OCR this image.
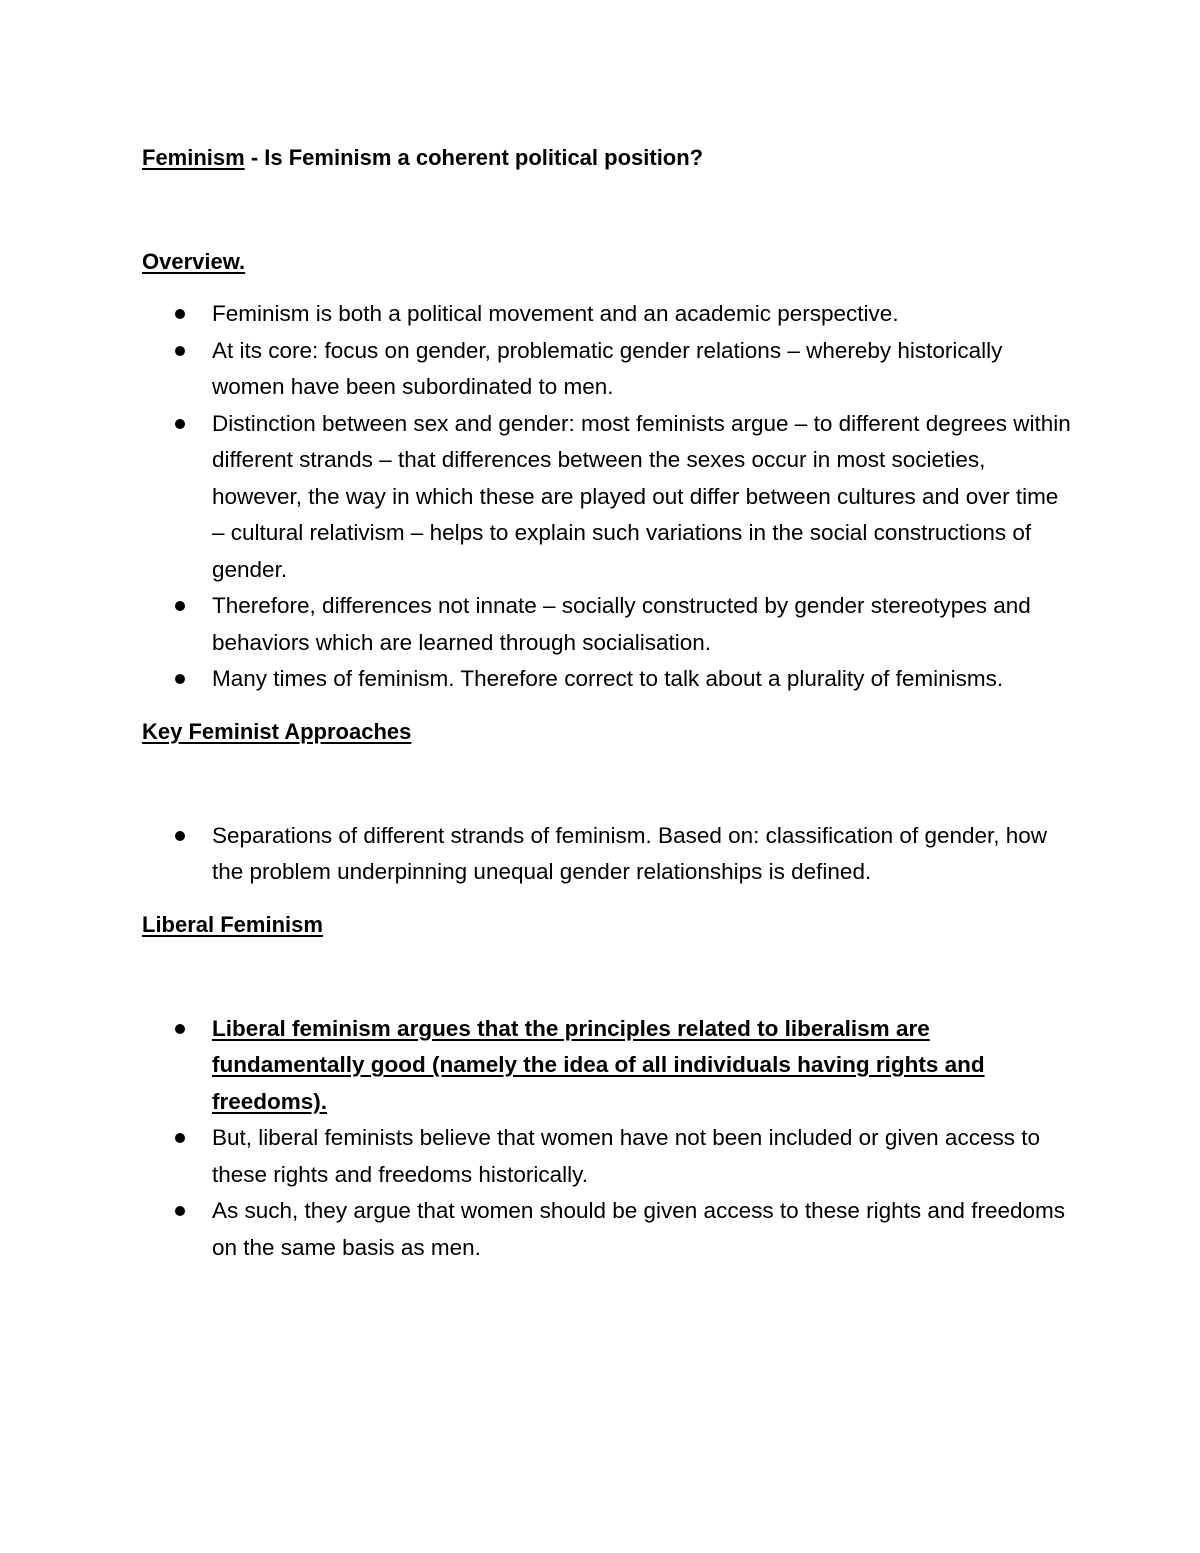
Feminism - Is Feminism a coherent political position?

Overview.

Feminism is both a political movement and an academic perspective.
At its core: focus on gender, problematic gender relations – whereby historically women have been subordinated to men.
Distinction between sex and gender: most feminists argue – to different degrees within different strands – that differences between the sexes occur in most societies, however, the way in which these are played out differ between cultures and over time – cultural relativism – helps to explain such variations in the social constructions of gender.
Therefore, differences not innate – socially constructed by gender stereotypes and behaviors which are learned through socialisation.
Many times of feminism. Therefore correct to talk about a plurality of feminisms.

Key Feminist Approaches

Separations of different strands of feminism. Based on: classification of gender, how the problem underpinning unequal gender relationships is defined.

Liberal Feminism

Liberal feminism argues that the principles related to liberalism are fundamentally good (namely the idea of all individuals having rights and freedoms).
But, liberal feminists believe that women have not been included or given access to these rights and freedoms historically.
As such, they argue that women should be given access to these rights and freedoms on the same basis as men.
